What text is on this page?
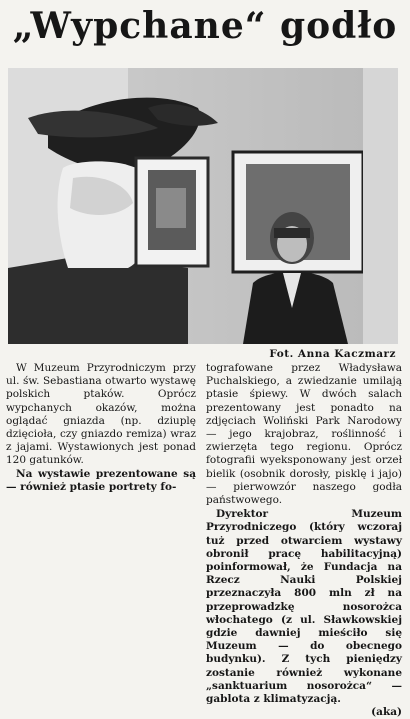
„Wypchane“ godło
Fot. Anna Kaczmarz

W Muzeum Przyrodniczym przy ul. św. Sebastiana otwarto wystawę polskich ptaków. Oprócz wypchanych okazów, można oglądać gniazda (np. dziuplę dzięcioła, czy gniazdo remiza) wraz z jajami. Wystawionych jest ponad 120 gatunków.

Na wystawie prezentowane są — również ptasie portrety fo-

tografowane przez Władysława Puchalskiego, a zwiedzanie umilają ptasie śpiewy. W dwóch salach prezentowany jest ponadto na zdjęciach Woliński Park Narodowy — jego krajobraz, roślinność i zwierzęta tego regionu. Oprócz fotografii wyeksponowany jest orzeł bielik (osobnik dorosły, pisklę i jajo) — pierwowzór naszego godła państwowego.

Dyrektor Muzeum Przyrodniczego (który wczoraj tuż przed otwarciem wystawy obronił pracę habilitacyjną) poinformował, że Fundacja na Rzecz Nauki Polskiej przeznaczyła 800 mln zł na przeprowadzkę nosorożca włochatego (z ul. Sławkowskiej gdzie dawniej mieściło się Muzeum — do obecnego budynku). Z tych pieniędzy zostanie również wykonane „sanktuarium nosorożca“ — gablota z klimatyzacją.

(aka)
